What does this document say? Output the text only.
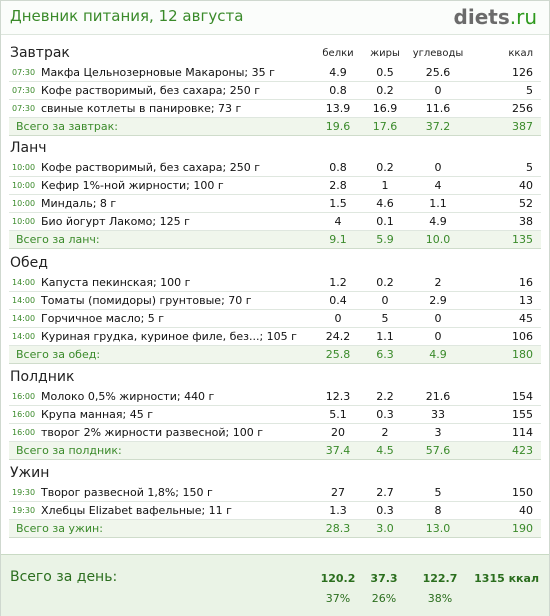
Дневник питания, 12 августа	diets.ru
Завтрак	белки	жиры	углеводы	ккал
07:30 Макфа Цельнозерновые Макароны; 35 г	4.9	0.5	25.6	126
07:30 Кофе растворимый, без сахара; 250 г	0.8	0.2	0	5
07:30 свиные котлеты в панировке; 73 г	13.9	16.9	11.6	256
Всего за завтрак:	19.6	17.6	37.2	387
Ланч
10:00 Кофе растворимый, без сахара; 250 г	0.8	0.2	0	5
10:00 Кефир 1%-ной жирности; 100 г	2.8	1	4	40
10:00 Миндаль; 8 г	1.5	4.6	1.1	52
10:00 Био йогурт Лакомо; 125 г	4	0.1	4.9	38
Всего за ланч:	9.1	5.9	10.0	135
Обед
14:00 Капуста пекинская; 100 г	1.2	0.2	2	16
14:00 Томаты (помидоры) грунтовые; 70 г	0.4	0	2.9	13
14:00 Горчичное масло; 5 г	0	5	0	45
14:00 Куриная грудка, куриное филе, без...; 105 г	24.2	1.1	0	106
Всего за обед:	25.8	6.3	4.9	180
Полдник
16:00 Молоко 0,5% жирности; 440 г	12.3	2.2	21.6	154
16:00 Крупа манная; 45 г	5.1	0.3	33	155
16:00 творог 2% жирности развесной; 100 г	20	2	3	114
Всего за полдник:	37.4	4.5	57.6	423
Ужин
19:30 Творог развесной 1,8%; 150 г	27	2.7	5	150
19:30 Хлебцы Elizabet вафельные; 11 г	1.3	0.3	8	40
Всего за ужин:	28.3	3.0	13.0	190
Всего за день:	120.2	37.3	122.7	1315 ккал
37%	26%	38%
